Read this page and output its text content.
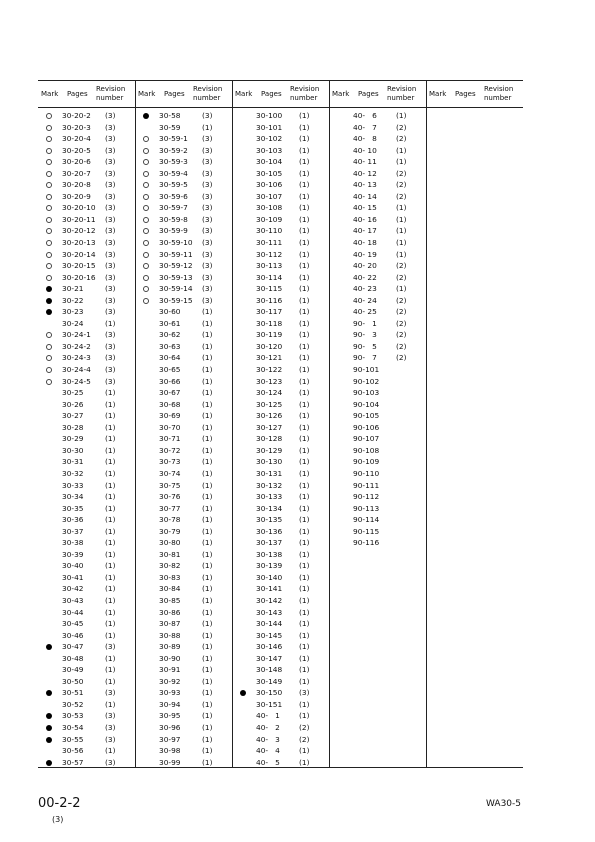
Mark Pages
Revision number
30-20-2 (3)
30-20-3 (3)
30-20-4 (3)
30-20-5 (3)
30-20-6 (3)
30-20-7 (3)
30-20-8 (3)
30-20-9 (3)
30-20-10 (3)
30-20-11 (3)
30-20-12 (3)
30-20-13 (3)
30-20-14 (3)
30-20-15 (3)
30-20-16 (3)
30-21	(3)
30-22	(3)
30-23	(3)
30-24	(1)
30-24-1 (3)
30-24-2 (3)
30-24-3 (3)
30-24-4 (3)
30-24-5 (3)
30-25	(1)
30-26	(1)
30-27	(1)
30-28	(1)
30-29	(1)
30-30	(1)
30-31	(1)
30-32	(1)
30-33	(1)
30-34	(1)
30-35	(1)
30-36	(1)
30-37	(1)
30-38	(1)
30-39	(1)
30-40	(1)
30-41	(1)
30-42	(1)
30-43	(1)
30-44	(1)
30-45	(1)
30-46	(1)
30-47	(3)
30-48	(1)
30-49	(1)
30-50	(1)
30-51	(3)
30-52	(1)
30-53	(3)
30-54	(3)
30-55	(3)
30-56	(1)
30-57	(3)
Mark Pages
Revision number
30-58	(3)
30-59	(1)
30-59-1 (3)
30-59-2 (3)
30-59-3 (3)
30-59-4 (3)
30-59-5 (3)
30-59-6 (3)
30-59-7 (3)
30-59-8 (3)
30-59-9 (3)
30-59-10 (3)
30-59-11 (3)
30-59-12 (3)
30-59-13 (3)
30-59-14 (3)
30-59-15 (3)
30-60	(1)
30-61	(1)
30-62	(1)
30-63	(1)
30-64	(1)
30-65	(1)
30-66	(1)
30-67	(1)
30-68	(1)
30-69	(1)
30-70	(1)
30-71	(1)
30-72	(1)
30-73	(1)
30-74	(1)
30-75	(1)
30-76	(1)
30-77	(1)
30-78	(1)
30-79	(1)
30-80	(1)
30-81	(1)
30-82	(1)
30-83	(1)
30-84	(1)
30-85	(1)
30-86	(1)
30-87	(1)
30-88	(1)
30-89	(1)
30-90	(1)
30-91	(1)
30-92	(1)
30-93	(1)
30-94	(1)
30-95	(1)
30-96	(1)
30-97	(1)
30-98	(1)
30-99	(1)
Mark Pages
Revision number
30-100 (1)
30-101 (1)
30-102 (1)
30-103 (1)
30-104 (1)
30-105 (1)
30-106 (1)
30-107 (1)
30-108 (1)
30-109 (1)
30-110 (1)
30-111 (1)
30-112 (1)
30-113 (1)
30-114 (1)
30-115 (1)
30-116 (1)
30-117 (1)
30-118 (1)
30-119 (1)
30-120 (1)
30-121 (1)
30-122 (1)
30-123 (1)
30-124 (1)
30-125 (1)
30-126 (1)
30-127 (1)
30-128 (1)
30-129 (1)
30-130 (1)
30-131 (1)
30-132 (1)
30-133 (1)
30-134 (1)
30-135 (1)
30-136 (1)
30-137 (1)
30-138 (1)
30-139 (1)
30-140 (1)
30-141 (1)
30-142 (1)
30-143 (1)
30-144 (1)
30-145 (1)
30-146 (1)
30-147 (1)
30-148 (1)
30-149 (1)
30-150 (3)
30-151 (1)
40-   1	(1)
40-   2	(2)
40-   3	(2)
40-   4	(1)
40-   5	(1)
Mark Pages
Revision number
40-   6	(1)
40-   7	(2)
40-   8	(2)
40- 10	(1)
40- 11	(1)
40- 12	(2)
40- 13	(2)
40- 14	(2)
40- 15	(1)
40- 16	(1)
40- 17	(1)
40- 18	(1)
40- 19	(1)
40- 20	(2)
40- 22	(2)
40- 23	(1)
40- 24	(2)
40- 25	(2)
90-   1	(2)
90-   3	(2)
90-   5	(2)
90-   7	(2)
90-101
90-102
90-103
90-104
90-105
90-106
90-107
90-108
90-109
90-110
90-111
90-112
90-113
90-114
90-115
90-116
Mark Pages
Revision number
00-2-2
(3)
WA30-5
